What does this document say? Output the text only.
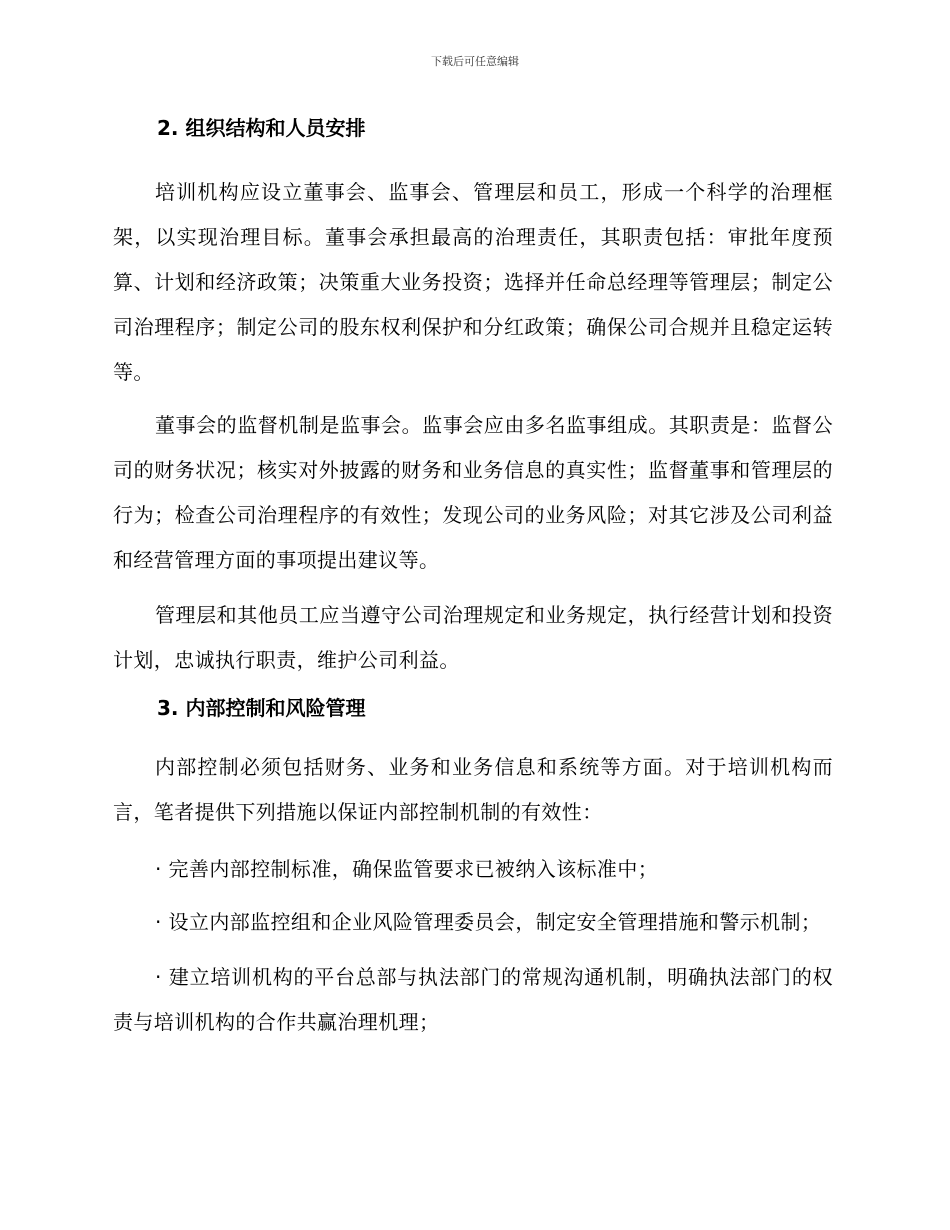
下载后可任意编辑
2. 组织结构和人员安排

培训机构应设立董事会、监事会、管理层和员工，形成一个科学的治理框架，以实现治理目标。董事会承担最高的治理责任，其职责包括：审批年度预算、计划和经济政策；决策重大业务投资；选择并任命总经理等管理层；制定公司治理程序；制定公司的股东权利保护和分红政策；确保公司合规并且稳定运转等。

董事会的监督机制是监事会。监事会应由多名监事组成。其职责是：监督公司的财务状况；核实对外披露的财务和业务信息的真实性；监督董事和管理层的行为；检查公司治理程序的有效性；发现公司的业务风险；对其它涉及公司利益和经营管理方面的事项提出建议等。

管理层和其他员工应当遵守公司治理规定和业务规定，执行经营计划和投资计划，忠诚执行职责，维护公司利益。

3. 内部控制和风险管理

内部控制必须包括财务、业务和业务信息和系统等方面。对于培训机构而言，笔者提供下列措施以保证内部控制机制的有效性：

· 完善内部控制标准，确保监管要求已被纳入该标准中；

· 设立内部监控组和企业风险管理委员会，制定安全管理措施和警示机制；

· 建立培训机构的平台总部与执法部门的常规沟通机制，明确执法部门的权责与培训机构的合作共赢治理机理；
